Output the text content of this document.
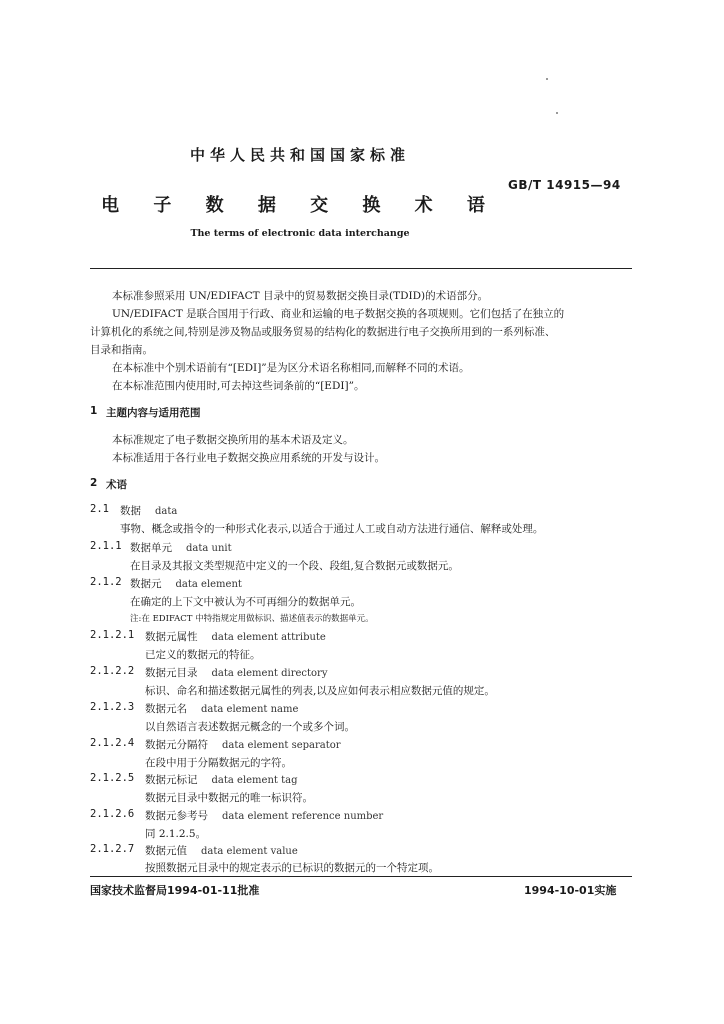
中华人民共和国国家标准
GB/T 14915—94
电 子 数 据 交 换 术 语
The terms of electronic data interchange
本标准参照采用 UN/EDIFACT 目录中的贸易数据交换目录(TDID)的术语部分。
UN/EDIFACT 是联合国用于行政、商业和运输的电子数据交换的各项规则。它们包括了在独立的
计算机化的系统之间,特别是涉及物品或服务贸易的结构化的数据进行电子交换所用到的一系列标准、
目录和指南。
在本标准中个别术语前有“[EDI]”是为区分术语名称相同,而解释不同的术语。
在本标准范围内使用时,可去掉这些词条前的“[EDI]”。
1 主题内容与适用范围
本标准规定了电子数据交换所用的基本术语及定义。
本标准适用于各行业电子数据交换应用系统的开发与设计。
2 术语
2.1 数据 data
事物、概念或指令的一种形式化表示,以适合于通过人工或自动方法进行通信、解释或处理。
2.1.1 数据单元 data unit
在目录及其报文类型规范中定义的一个段、段组,复合数据元或数据元。
2.1.2 数据元 data element
在确定的上下文中被认为不可再细分的数据单元。
注:在 EDIFACT 中特指规定用做标识、描述值表示的数据单元。
2.1.2.1 数据元属性 data element attribute
已定义的数据元的特征。
2.1.2.2 数据元目录 data element directory
标识、命名和描述数据元属性的列表,以及应如何表示相应数据元值的规定。
2.1.2.3 数据元名 data element name
以自然语言表述数据元概念的一个或多个词。
2.1.2.4 数据元分隔符 data element separator
在段中用于分隔数据元的字符。
2.1.2.5 数据元标记 data element tag
数据元目录中数据元的唯一标识符。
2.1.2.6 数据元参考号 data element reference number
同 2.1.2.5。
2.1.2.7 数据元值 data element value
按照数据元目录中的规定表示的已标识的数据元的一个特定项。
国家技术监督局1994-01-11批准	1994-10-01实施
